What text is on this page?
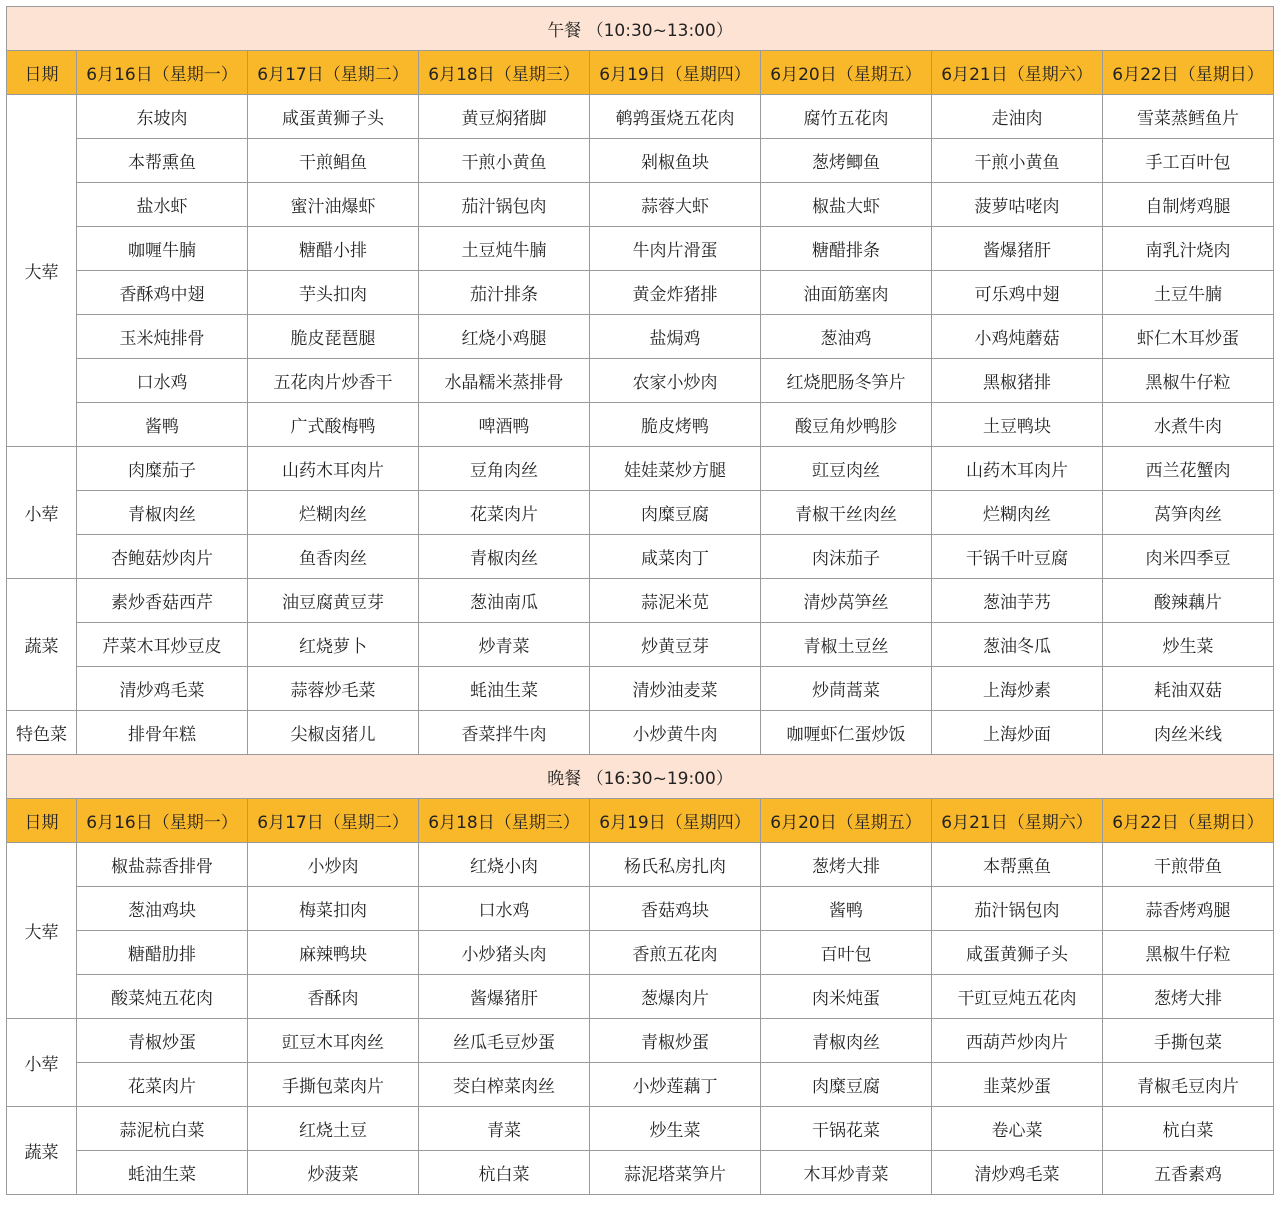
午餐 （10:30~13:00）							
日期	6月16日（星期一）	6月17日（星期二）	6月18日（星期三）	6月19日（星期四）	6月20日（星期五）	6月21日（星期六）	6月22日（星期日）
大荤	东坡肉	咸蛋黄狮子头	黄豆焖猪脚	鹌鹑蛋烧五花肉	腐竹五花肉	走油肉	雪菜蒸鳕鱼片
	本帮熏鱼	干煎鲳鱼	干煎小黄鱼	剁椒鱼块	葱烤鲫鱼	干煎小黄鱼	手工百叶包
	盐水虾	蜜汁油爆虾	茄汁锅包肉	蒜蓉大虾	椒盐大虾	菠萝咕咾肉	自制烤鸡腿
	咖喱牛腩	糖醋小排	土豆炖牛腩	牛肉片滑蛋	糖醋排条	酱爆猪肝	南乳汁烧肉
	香酥鸡中翅	芋头扣肉	茄汁排条	黄金炸猪排	油面筋塞肉	可乐鸡中翅	土豆牛腩
	玉米炖排骨	脆皮琵琶腿	红烧小鸡腿	盐焗鸡	葱油鸡	小鸡炖蘑菇	虾仁木耳炒蛋
	口水鸡	五花肉片炒香干	水晶糯米蒸排骨	农家小炒肉	红烧肥肠冬笋片	黑椒猪排	黑椒牛仔粒
	酱鸭	广式酸梅鸭	啤酒鸭	脆皮烤鸭	酸豆角炒鸭胗	土豆鸭块	水煮牛肉
小荤	肉糜茄子	山药木耳肉片	豆角肉丝	娃娃菜炒方腿	豇豆肉丝	山药木耳肉片	西兰花蟹肉
	青椒肉丝	烂糊肉丝	花菜肉片	肉糜豆腐	青椒干丝肉丝	烂糊肉丝	莴笋肉丝
	杏鲍菇炒肉片	鱼香肉丝	青椒肉丝	咸菜肉丁	肉沫茄子	干锅千叶豆腐	肉米四季豆
蔬菜	素炒香菇西芹	油豆腐黄豆芽	葱油南瓜	蒜泥米苋	清炒莴笋丝	葱油芋艿	酸辣藕片
	芹菜木耳炒豆皮	红烧萝卜	炒青菜	炒黄豆芽	青椒土豆丝	葱油冬瓜	炒生菜
	清炒鸡毛菜	蒜蓉炒毛菜	蚝油生菜	清炒油麦菜	炒茼蒿菜	上海炒素	耗油双菇
特色菜	排骨年糕	尖椒卤猪儿	香菜拌牛肉	小炒黄牛肉	咖喱虾仁蛋炒饭	上海炒面	肉丝米线
晚餐 （16:30~19:00）							
日期	6月16日（星期一）	6月17日（星期二）	6月18日（星期三）	6月19日（星期四）	6月20日（星期五）	6月21日（星期六）	6月22日（星期日）
大荤	椒盐蒜香排骨	小炒肉	红烧小肉	杨氏私房扎肉	葱烤大排	本帮熏鱼	干煎带鱼
	葱油鸡块	梅菜扣肉	口水鸡	香菇鸡块	酱鸭	茄汁锅包肉	蒜香烤鸡腿
	糖醋肋排	麻辣鸭块	小炒猪头肉	香煎五花肉	百叶包	咸蛋黄狮子头	黑椒牛仔粒
	酸菜炖五花肉	香酥肉	酱爆猪肝	葱爆肉片	肉米炖蛋	干豇豆炖五花肉	葱烤大排
小荤	青椒炒蛋	豇豆木耳肉丝	丝瓜毛豆炒蛋	青椒炒蛋	青椒肉丝	西葫芦炒肉片	手撕包菜
	花菜肉片	手撕包菜肉片	茭白榨菜肉丝	小炒莲藕丁	肉糜豆腐	韭菜炒蛋	青椒毛豆肉片
蔬菜	蒜泥杭白菜	红烧土豆	青菜	炒生菜	干锅花菜	卷心菜	杭白菜
	蚝油生菜	炒菠菜	杭白菜	蒜泥塔菜笋片	木耳炒青菜	清炒鸡毛菜	五香素鸡
